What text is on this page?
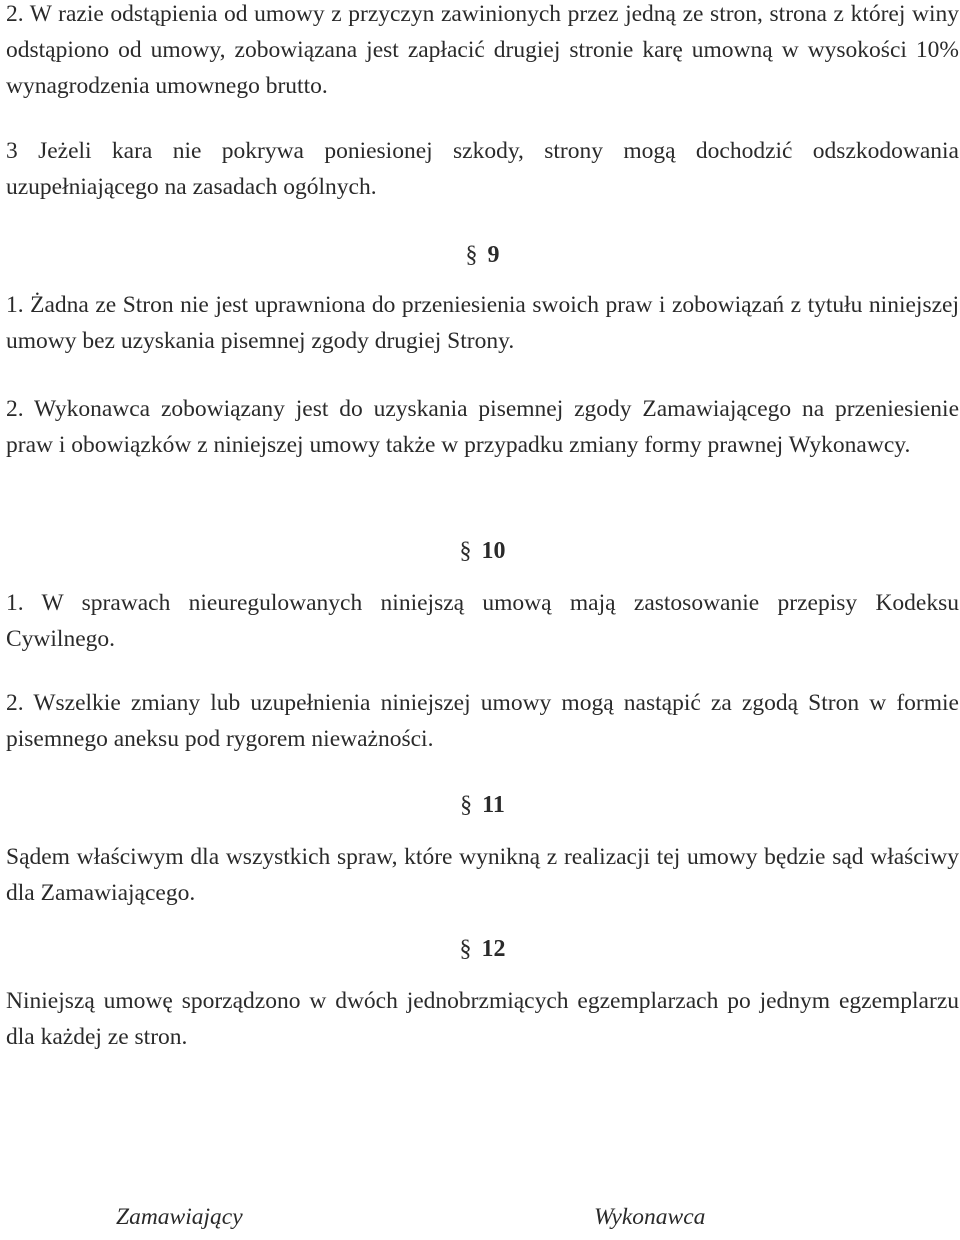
2. W razie odstąpienia od umowy z przyczyn zawinionych przez jedną ze stron, strona z której winy odstąpiono od umowy, zobowiązana jest zapłacić drugiej stronie karę umowną w wysokości 10% wynagrodzenia umownego brutto.

3 Jeżeli kara nie pokrywa poniesionej szkody, strony mogą dochodzić odszkodowania uzupełniającego na zasadach ogólnych.

§ 9

1. Żadna ze Stron nie jest uprawniona do przeniesienia swoich praw i zobowiązań z tytułu niniejszej umowy bez uzyskania pisemnej zgody drugiej Strony.

2. Wykonawca zobowiązany jest do uzyskania pisemnej zgody Zamawiającego na przeniesienie praw i obowiązków z niniejszej umowy także w przypadku zmiany formy prawnej Wykonawcy.

§ 10

1. W sprawach nieuregulowanych niniejszą umową mają zastosowanie przepisy Kodeksu Cywilnego.

2. Wszelkie zmiany lub uzupełnienia niniejszej umowy mogą nastąpić za zgodą Stron w formie pisemnego aneksu pod rygorem nieważności.

§ 11

Sądem właściwym dla wszystkich spraw, które wynikną z realizacji tej umowy będzie sąd właściwy dla Zamawiającego.

§ 12

Niniejszą umowę sporządzono w dwóch jednobrzmiących egzemplarzach po jednym egzemplarzu dla każdej ze stron.

Zamawiający	Wykonawca
